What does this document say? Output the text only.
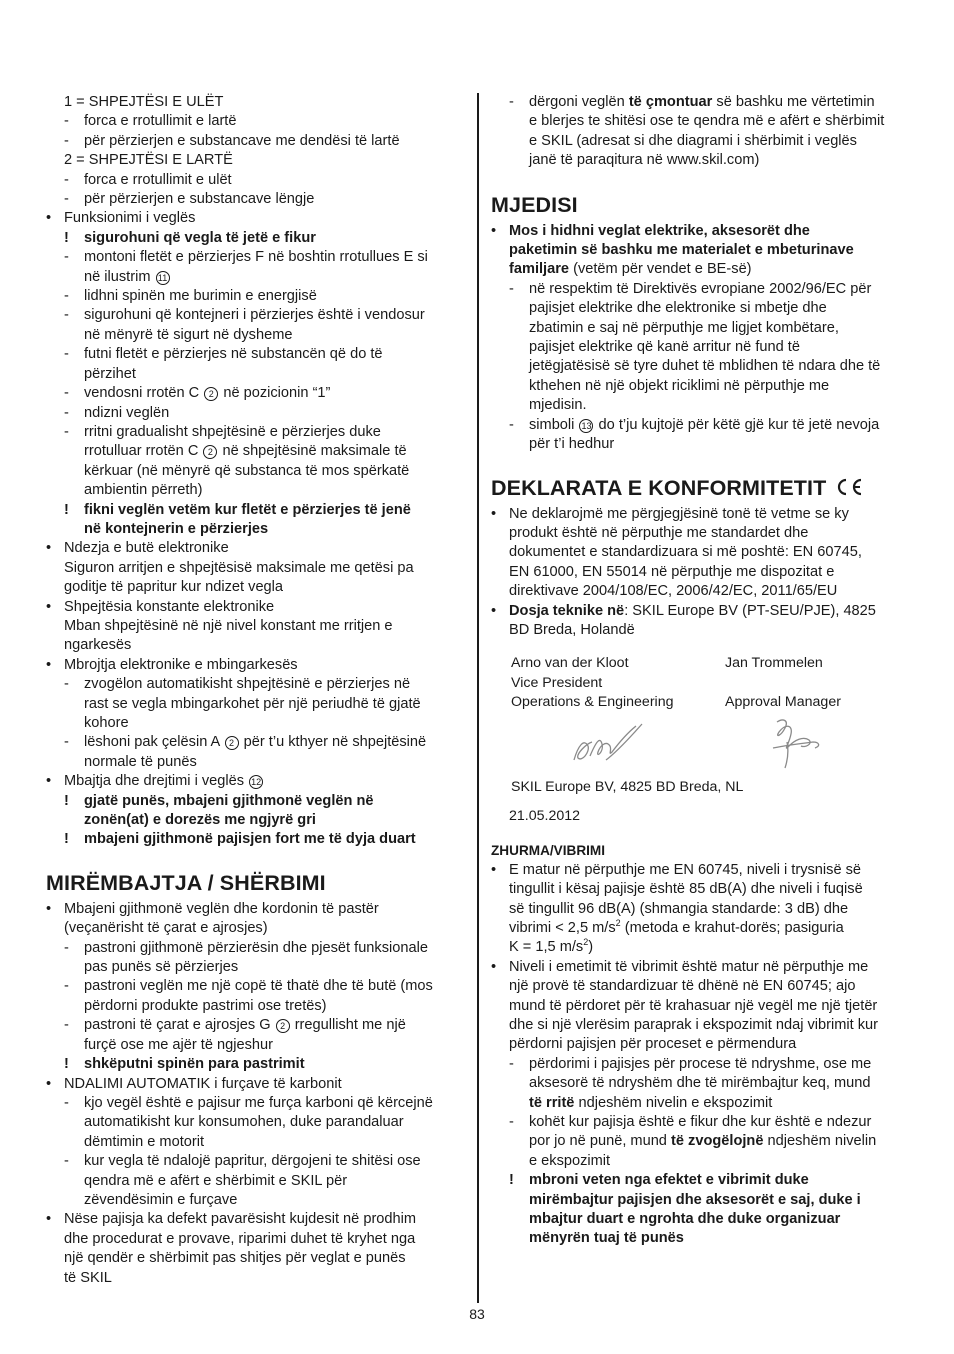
1 = SHPEJTËSI E ULËT
- forca e rrotullimit e lartë
- për përzierjen e substancave me dendësi të lartë
2 = SHPEJTËSI E LARTË
- forca e rrotullimit e ulët
- për përzierjen e substancave lëngje
• Funksionimi i veglës
! sigurohuni që vegla të jetë e fikur
- montoni fletët e përzierjes F në boshtin rrotullues E si
në ilustrim 11
- lidhni spinën me burimin e energjisë
- sigurohuni që kontejneri i përzierjes është i vendosur
në mënyrë të sigurt në dysheme
- futni fletët e përzierjes në substancën që do të
përzihet
- vendosni rrotën C 2 në pozicionin “1”
- ndizni veglën
- rritni gradualisht shpejtësinë e përzierjes duke
rrotulluar rrotën C 2 në shpejtësinë maksimale të
kërkuar (në mënyrë që substanca të mos spërkatë
ambientin përreth)
! fikni veglën vetëm kur fletët e përzierjes të jenë
në kontejnerin e përzierjes
• Ndezja e butë elektronike
Siguron arritjen e shpejtësisë maksimale me qetësi pa
goditje të papritur kur ndizet vegla
• Shpejtësia konstante elektronike
Mban shpejtësinë në një nivel konstant me rritjen e
ngarkesës
• Mbrojtja elektronike e mbingarkesës
- zvogëlon automatikisht shpejtësinë e përzierjes në
rast se vegla mbingarkohet për një periudhë të gjatë
kohore
- lëshoni pak çelësin A 2 për t’u kthyer në shpejtësinë
normale të punës
• Mbajtja dhe drejtimi i veglës 12
! gjatë punës, mbajeni gjithmonë veglën në
zonën(at) e dorezës me ngjyrë gri
! mbajeni gjithmonë pajisjen fort me të dyja duart
MIRËMBAJTJA / SHËRBIMI
• Mbajeni gjithmonë veglën dhe kordonin të pastër
(veçanërisht të çarat e ajrosjes)
- pastroni gjithmonë përzierësin dhe pjesët funksionale
pas punës së përzierjes
- pastroni veglën me një copë të thatë dhe të butë (mos
përdorni produkte pastrimi ose tretës)
- pastroni të çarat e ajrosjes G 2 rregullisht me një
furçë ose me ajër të ngjeshur
! shkëputni spinën para pastrimit
• NDALIMI AUTOMATIK i furçave të karbonit
- kjo vegël është e pajisur me furça karboni që kërcejnë
automatikisht kur konsumohen, duke parandaluar
dëmtimin e motorit
- kur vegla të ndalojë papritur, dërgojeni te shitësi ose
qendra më e afërt e shërbimit e SKIL për
zëvendësimin e furçave
• Nëse pajisja ka defekt pavarësisht kujdesit në prodhim
dhe procedurat e provave, riparimi duhet të kryhet nga
një qendër e shërbimit pas shitjes për veglat e punës
të SKIL
- dërgoni veglën të çmontuar së bashku me vërtetimin
e blerjes te shitësi ose te qendra më e afërt e shërbimit
e SKIL (adresat si dhe diagrami i shërbimit i veglës
janë të paraqitura në www.skil.com)
MJEDISI
• Mos i hidhni veglat elektrike, aksesorët dhe
paketimin së bashku me materialet e mbeturinave
familjare (vetëm për vendet e BE-së)
- në respektim të Direktivës evropiane 2002/96/EC për
pajisjet elektrike dhe elektronike si mbetje dhe
zbatimin e saj në përputhje me ligjet kombëtare,
pajisjet elektrike që kanë arritur në fund të
jetëgjatësisë së tyre duhet të mblidhen të ndara dhe të
kthehen në një objekt riciklimi në përputhje me
mjedisin.
- simboli 13 do t’ju kujtojë për këtë gjë kur të jetë nevoja
për t’i hedhur
DEKLARATA E KONFORMITETIT
• Ne deklarojmë me përgjegjësinë tonë të vetme se ky
produkt është në përputhje me standardet dhe
dokumentet e standardizuara si më poshtë: EN 60745,
EN 61000, EN 55014 në përputhje me dispozitat e
direktivave 2004/108/EC, 2006/42/EC, 2011/65/EU
• Dosja teknike në: SKIL Europe BV (PT-SEU/PJE), 4825
BD Breda, Holandë
Arno van der Kloot	Jan Trommelen
Vice President
Operations & Engineering	Approval Manager
SKIL Europe BV, 4825 BD Breda, NL
21.05.2012
ZHURMA/VIBRIMI
• E matur në përputhje me EN 60745, niveli i trysnisë së
tingullit i kësaj pajisje është 85 dB(A) dhe niveli i fuqisë
së tingullit 96 dB(A) (shmangia standarde: 3 dB) dhe
vibrimi < 2,5 $m/s^2$ (metoda e krahut-dorës; pasiguria
K = 1,5 $m/s^2$)
• Niveli i emetimit të vibrimit është matur në përputhje me
një provë të standardizuar të dhënë në EN 60745; ajo
mund të përdoret për të krahasuar një vegël me një tjetër
dhe si një vlerësim paraprak i ekspozimit ndaj vibrimit kur
përdorni pajisjen për proceset e përmendura
- përdorimi i pajisjes për procese të ndryshme, ose me
aksesorë të ndryshëm dhe të mirëmbajtur keq, mund
të rritë ndjeshëm nivelin e ekspozimit
- kohët kur pajisja është e fikur dhe kur është e ndezur
por jo në punë, mund të zvogëlojnë ndjeshëm nivelin
e ekspozimit
! mbroni veten nga efektet e vibrimit duke
mirëmbajtur pajisjen dhe aksesorët e saj, duke i
mbajtur duart e ngrohta dhe duke organizuar
mënyrën tuaj të punës
83
